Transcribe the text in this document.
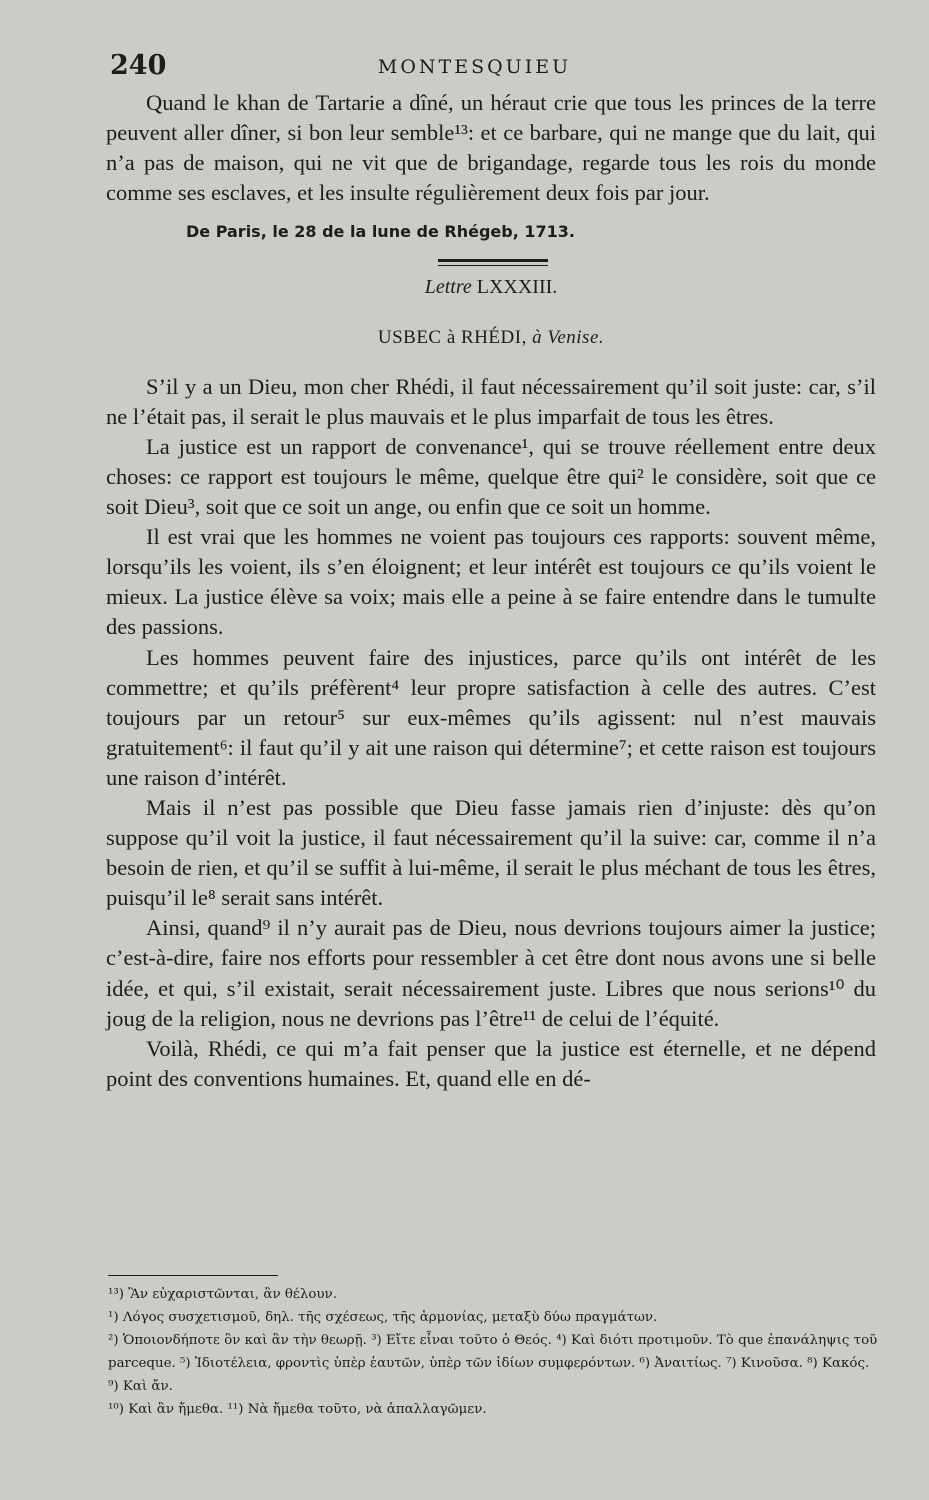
240	MONTESQUIEU

Quand le khan de Tartarie a dîné, un héraut crie que tous les princes de la terre peuvent aller dîner, si bon leur semble¹³: et ce barbare, qui ne mange que du lait, qui n’a pas de maison, qui ne vit que de brigandage, regarde tous les rois du monde comme ses esclaves, et les insulte régulièrement deux fois par jour.

De Paris, le 28 de la lune de Rhégeb, 1713.

Lettre LXXXIII.

USBEC à RHÉDI, à Venise.

S’il y a un Dieu, mon cher Rhédi, il faut nécessairement qu’il soit juste: car, s’il ne l’était pas, il serait le plus mauvais et le plus imparfait de tous les êtres.

La justice est un rapport de convenance¹, qui se trouve réellement entre deux choses: ce rapport est toujours le même, quelque être qui² le considère, soit que ce soit Dieu³, soit que ce soit un ange, ou enfin que ce soit un homme.

Il est vrai que les hommes ne voient pas toujours ces rapports: souvent même, lorsqu’ils les voient, ils s’en éloignent; et leur intérêt est toujours ce qu’ils voient le mieux. La justice élève sa voix; mais elle a peine à se faire entendre dans le tumulte des passions.

Les hommes peuvent faire des injustices, parce qu’ils ont intérêt de les commettre; et qu’ils préfèrent⁴ leur propre satisfaction à celle des autres. C’est toujours par un retour⁵ sur eux-mêmes qu’ils agissent: nul n’est mauvais gratuitement⁶: il faut qu’il y ait une raison qui détermine⁷; et cette raison est toujours une raison d’intérêt.

Mais il n’est pas possible que Dieu fasse jamais rien d’injuste: dès qu’on suppose qu’il voit la justice, il faut nécessairement qu’il la suive: car, comme il n’a besoin de rien, et qu’il se suffit à lui-même, il serait le plus méchant de tous les êtres, puisqu’il le⁸ serait sans intérêt.

Ainsi, quand⁹ il n’y aurait pas de Dieu, nous devrions toujours aimer la justice; c’est-à-dire, faire nos efforts pour ressembler à cet être dont nous avons une si belle idée, et qui, s’il existait, serait nécessairement juste. Libres que nous serions¹⁰ du joug de la religion, nous ne devrions pas l’être¹¹ de celui de l’équité.

Voilà, Rhédi, ce qui m’a fait penser que la justice est éternelle, et ne dépend point des conventions humaines. Et, quand elle en dé-

¹³) Ἂν εὐχαριστῶνται, ἂν θέλουν.

¹) Λόγος συσχετισμοῦ, δηλ. τῆς σχέσεως, τῆς ἁρμονίας, μεταξὺ δύω πραγμάτων.

²) Ὁποιονδήποτε ὂν καὶ ἂν τὴν θεωρῇ. ³) Εἴτε εἶναι τοῦτο ὁ Θεός. ⁴) Καὶ διότι προτιμοῦν. Τὸ que ἐπανάληψις τοῦ parceque. ⁵) Ἰδιοτέλεια, φροντὶς ὑπὲρ ἑαυτῶν, ὑπὲρ τῶν ἰδίων συμφερόντων. ⁶) Ἀναιτίως. ⁷) Κινοῦσα. ⁸) Κακός. ⁹) Καὶ ἄν.

¹⁰) Καὶ ἂν ἤμεθα. ¹¹) Νὰ ἤμεθα τοῦτο, νὰ ἀπαλλαγῶμεν.
